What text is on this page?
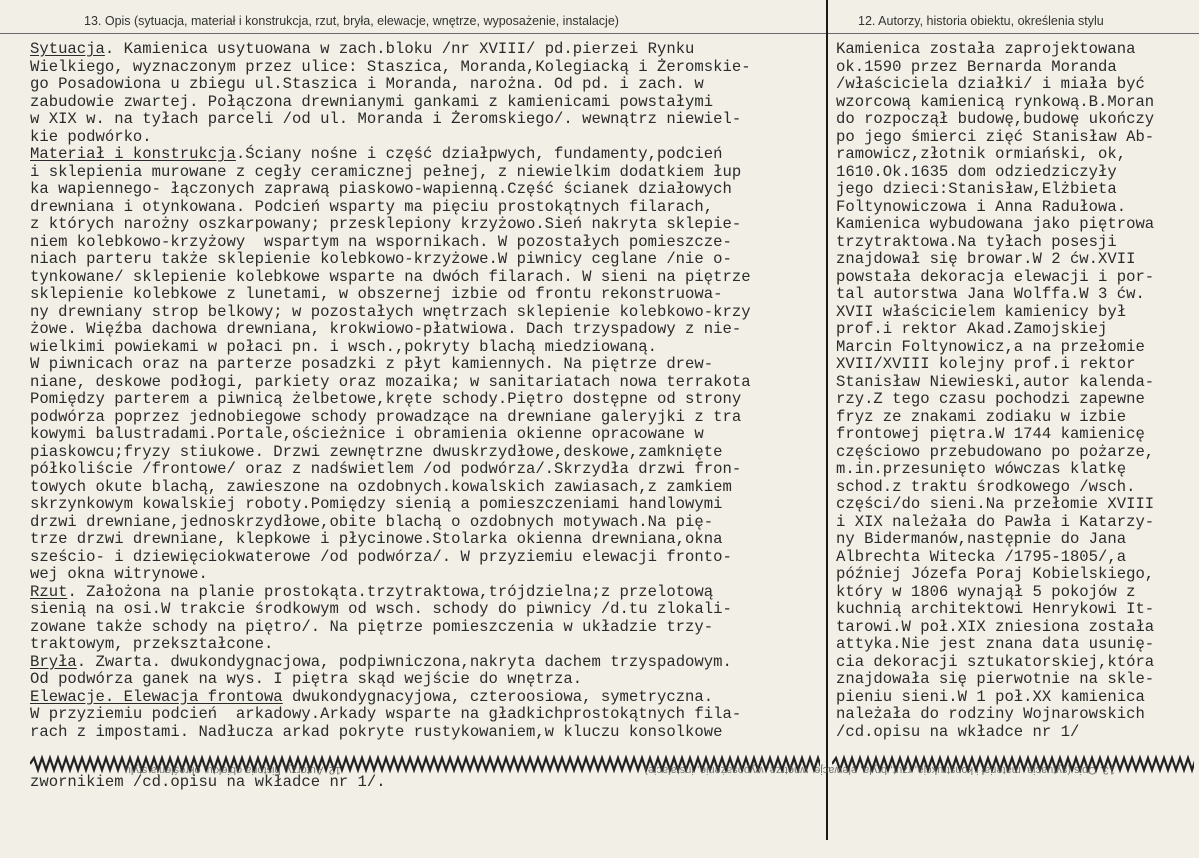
13. Opis (sytuacja, materiał i konstrukcja, rzut, bryła, elewacje, wnętrze, wyposażenie, instalacje)	12. Autorzy, historia obiektu, określenia stylu
Sytuacja. Kamienica usytuowana w zach.bloku /nr XVIII/ pd.pierzei Rynku
Wielkiego, wyznaczonym przez ulice: Staszica, Moranda,Kolegiacką i Żeromskie-
go Posadowiona u zbiegu ul.Staszica i Moranda, narożna. Od pd. i zach. w
zabudowie zwartej. Połączona drewnianymi gankami z kamienicami powstałymi
w XIX w. na tyłach parceli /od ul. Moranda i Żeromskiego/. wewnątrz niewiel-
kie podwórko.
Materiał i konstrukcja.Ściany nośne i część działpwych, fundamenty,podcień
i sklepienia murowane z cegły ceramicznej pełnej, z niewielkim dodatkiem łup
ka wapiennego- łączonych zaprawą piaskowo-wapienną.Część ścianek działowych
drewniana i otynkowana. Podcień wsparty ma pięciu prostokątnych filarach,
z których narożny oszkarpowany; przesklepiony krzyżowo.Sień nakryta sklepie-
niem kolebkowo-krzyżowy  wspartym na wspornikach. W pozostałych pomieszcze-
niach parteru także sklepienie kolebkowo-krzyżowe.W piwnicy ceglane /nie o-
tynkowane/ sklepienie kolebkowe wsparte na dwóch filarach. W sieni na piętrze
sklepienie kolebkowe z lunetami, w obszernej izbie od frontu rekonstruowa-
ny drewniany strop belkowy; w pozostałych wnętrzach sklepienie kolebkowo-krzy
żowe. Więźba dachowa drewniana, krokwiowo-płatwiowa. Dach trzyspadowy z nie-
wielkimi powiekami w połaci pn. i wsch.,pokryty blachą miedziowaną.
W piwnicach oraz na parterze posadzki z płyt kamiennych. Na piętrze drew-
niane, deskowe podłogi, parkiety oraz mozaika; w sanitariatach nowa terrakota
Pomiędzy parterem a piwnicą żelbetowe,kręte schody.Piętro dostępne od strony
podwórza poprzez jednobiegowe schody prowadzące na drewniane galeryjki z tra
kowymi balustradami.Portale,ościeżnice i obramienia okienne opracowane w
piaskowcu;fryzy stiukowe. Drzwi zewnętrzne dwuskrzydłowe,deskowe,zamknięte
półkoliście /frontowe/ oraz z nadświetlem /od podwórza/.Skrzydła drzwi fron-
towych okute blachą, zawieszone na ozdobnych.kowalskich zawiasach,z zamkiem
skrzynkowym kowalskiej roboty.Pomiędzy sienią a pomieszczeniami handlowymi
drzwi drewniane,jednoskrzydłowe,obite blachą o ozdobnych motywach.Na pię-
trze drzwi drewniane, klepkowe i płycinowe.Stolarka okienna drewniana,okna
sześcio- i dziewięciokwaterowe /od podwórza/. W przyziemiu elewacji fronto-
wej okna witrynowe.
Rzut. Założona na planie prostokąta.trzytraktowa,trójdzielna;z przelotową
sienią na osi.W trakcie środkowym od wsch. schody do piwnicy /d.tu zlokali-
zowane także schody na piętro/. Na piętrze pomieszczenia w układzie trzy-
traktowym, przekształcone.
Bryła. Zwarta. dwukondygnacjowa, podpiwniczona,nakryta dachem trzyspadowym.
Od podwórza ganek na wys. I piętra skąd wejście do wnętrza.
Elewacje. Elewacja frontowa dwukondygnacyjowa, czteroosiowa, symetryczna.
W przyziemiu podcień  arkadowy.Arkady wsparte na gładkichprostokątnych fila-
rach z impostami. Nadłucza arkad pokryte rustykowaniem,w kluczu konsolkowe
Kamienica została zaprojektowana
ok.1590 przez Bernarda Moranda
/właściciela działki/ i miała być
wzorcową kamienicą rynkową.B.Moran
do rozpoczął budowę,budowę ukończy
po jego śmierci zięć Stanisław Ab-
ramowicz,złotnik ormiański, ok,
1610.Ok.1635 dom odziedziczyły
jego dzieci:Stanisław,Elżbieta
Foltynowiczowa i Anna Radułowa.
Kamienica wybudowana jako piętrowa
trzytraktowa.Na tyłach posesji
znajdował się browar.W 2 ćw.XVII
powstała dekoracja elewacji i por-
tal autorstwa Jana Wolffa.W 3 ćw.
XVII właścicielem kamienicy był
prof.i rektor Akad.Zamojskiej
Marcin Foltynowicz,a na przełomie
XVII/XVIII kolejny prof.i rektor
Stanisław Niewieski,autor kalenda-
rzy.Z tego czasu pochodzi zapewne
fryz ze znakami zodiaku w izbie
frontowej piętra.W 1744 kamienicę
częściowo przebudowano po pożarze,
m.in.przesunięto wówczas klatkę
schod.z traktu środkowego /wsch.
części/do sieni.Na przełomie XVIII
i XIX należała do Pawła i Katarzy-
ny Bidermanów,następnie do Jana
Albrechta Witecka /1795-1805/,a
później Józefa Poraj Kobielskiego,
który w 1806 wynajął 5 pokojów z
kuchnią architektowi Henrykowi It-
tarowi.W poł.XIX zniesiona została
attyka.Nie jest znana data usunię-
cia dekoracji sztukatorskiej,która
znajdowała się pierwotnie na skle-
pieniu sieni.W 1 poł.XX kamienica
należała do rodziny Wojnarowskich
/cd.opisu na wkładce nr 1/
13. Opis (sytuacja, materiał i konstrukcja, rzut, bryła, elewacje, wnętrze, wyposażenie, instalacje)
12. Autorzy, historia obiektu, określenia stylu
zwornikiem /cd.opisu na wkładce nr 1/.
